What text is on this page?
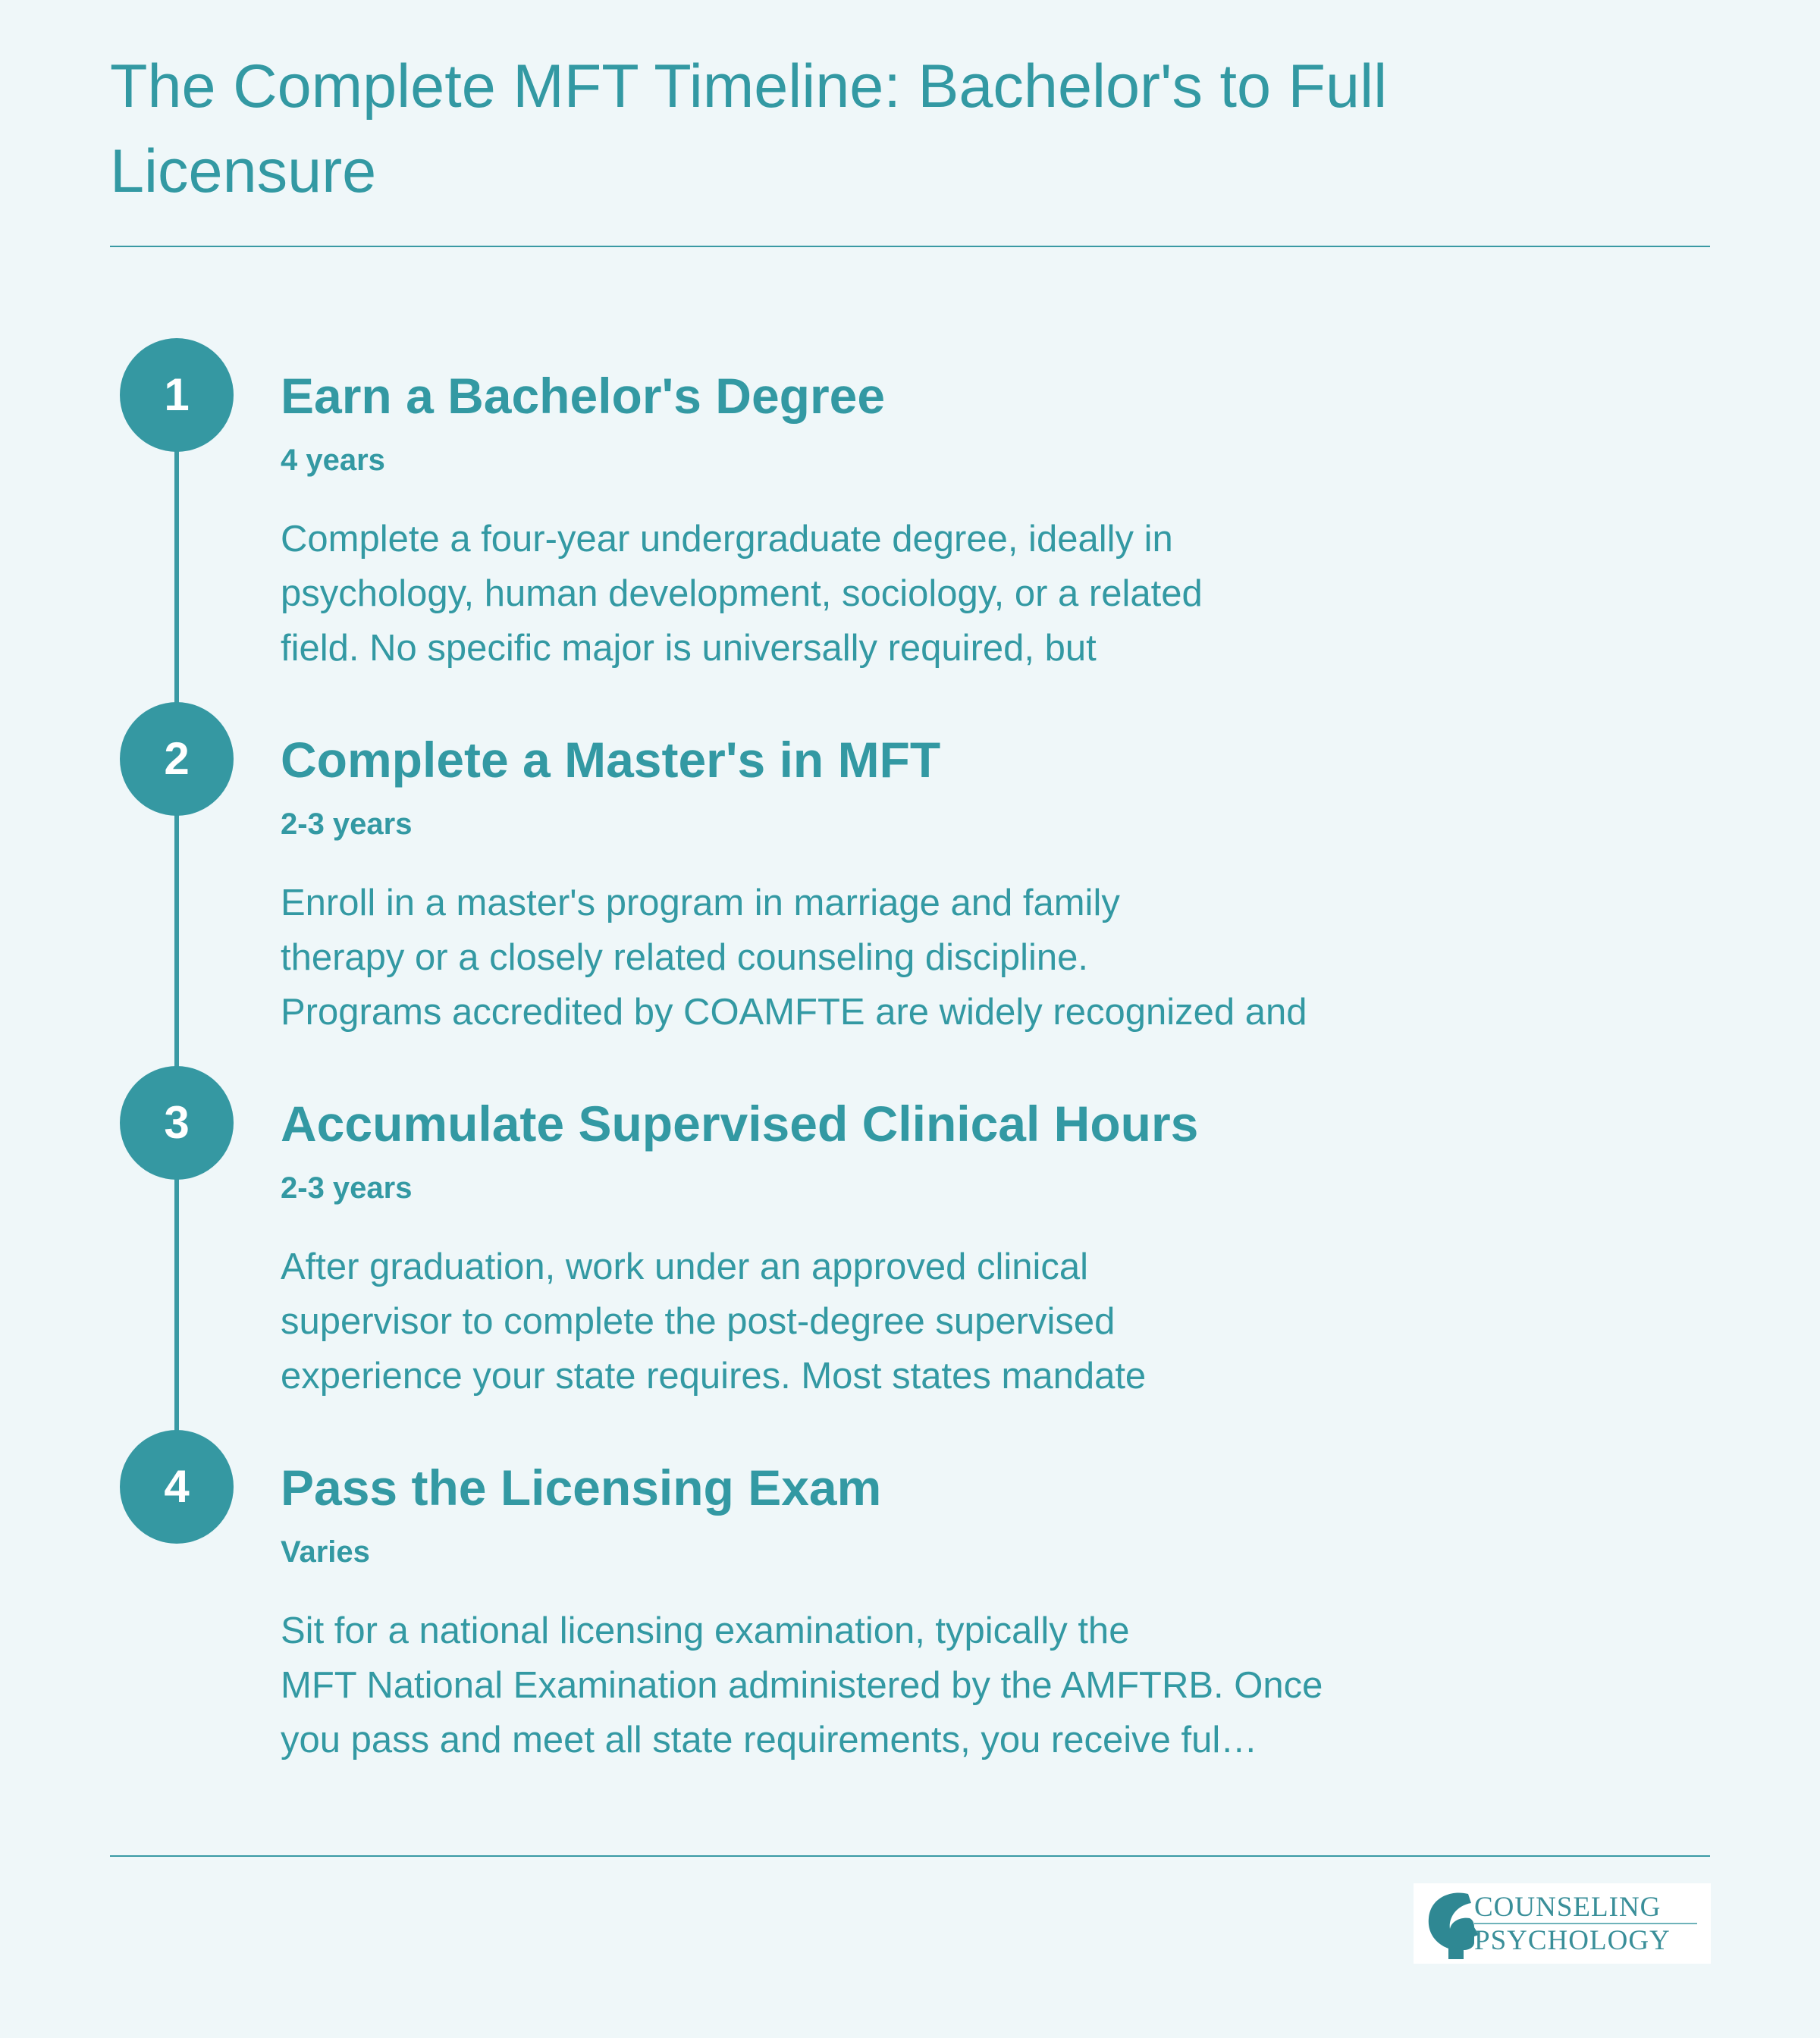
The Complete MFT Timeline: Bachelor's to Full Licensure
1	Earn a Bachelor's Degree
4 years
Complete a four-year undergraduate degree, ideally in
psychology, human development, sociology, or a related
field. No specific major is universally required, but
2	Complete a Master's in MFT
2-3 years
Enroll in a master's program in marriage and family
therapy or a closely related counseling discipline.
Programs accredited by COAMFTE are widely recognized and
3	Accumulate Supervised Clinical Hours
2-3 years
After graduation, work under an approved clinical
supervisor to complete the post-degree supervised
experience your state requires. Most states mandate
4	Pass the Licensing Exam
Varies
Sit for a national licensing examination, typically the
MFT National Examination administered by the AMFTRB. Once
you pass and meet all state requirements, you receive ful…
COUNSELING
PSYCHOLOGY
